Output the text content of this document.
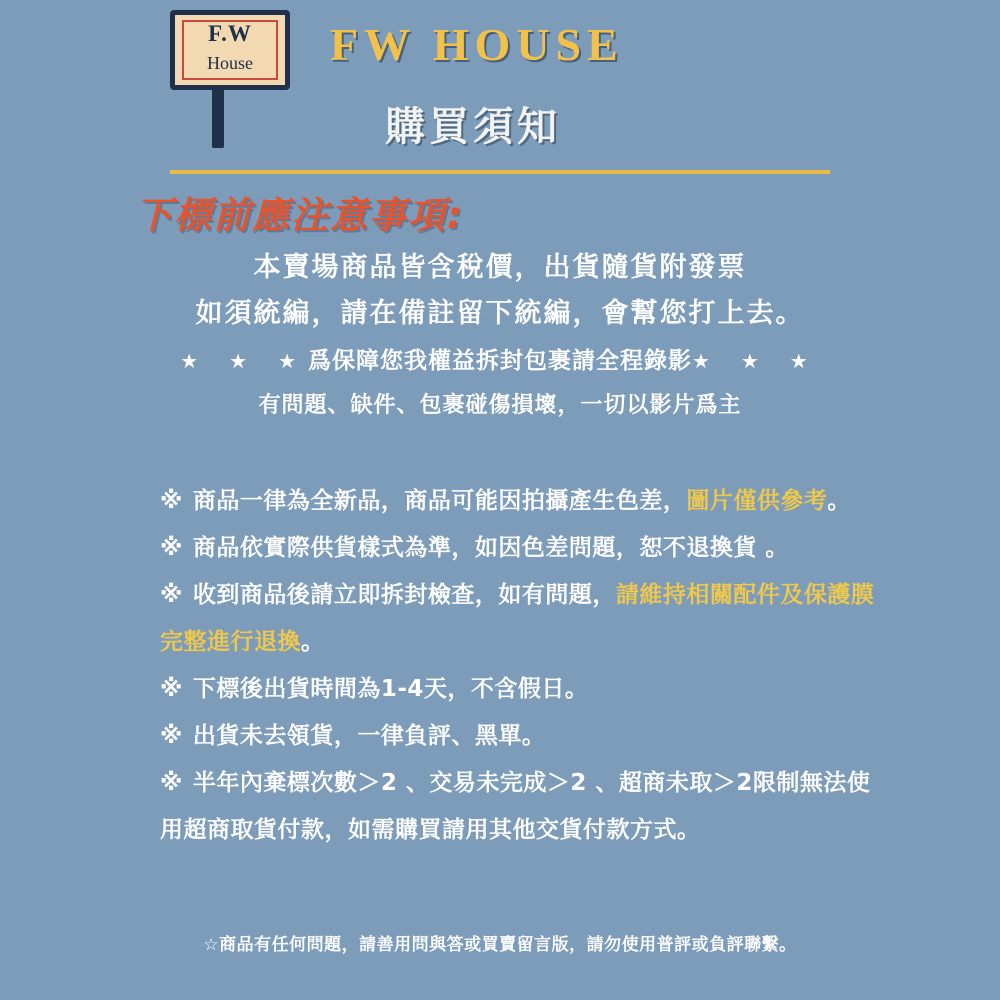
F.W
House	FW HOUSE
購買須知
下標前應注意事項:
本賣場商品皆含稅價，出貨隨貨附發票
如須統編，請在備註留下統編，會幫您打上去。
★ ★ ★爲保障您我權益拆封包裹請全程錄影★ ★ ★
有問題、缺件、包裹碰傷損壞，一切以影片爲主
※ 商品一律為全新品，商品可能因拍攝產生色差，圖片僅供參考。
※ 商品依實際供貨樣式為準，如因色差問題，恕不退換貨 。
※ 收到商品後請立即拆封檢查，如有問題，請維持相關配件及保護膜完整進行退換。
※ 下標後出貨時間為1-4天，不含假日。
※ 出貨未去領貨，一律負評、黑單。
※ 半年內棄標次數＞2 、交易未完成＞2 、超商未取＞2限制無法使用超商取貨付款，如需購買請用其他交貨付款方式。
☆商品有任何問題，請善用問與答或買賣留言版，請勿使用普評或負評聯繫。
